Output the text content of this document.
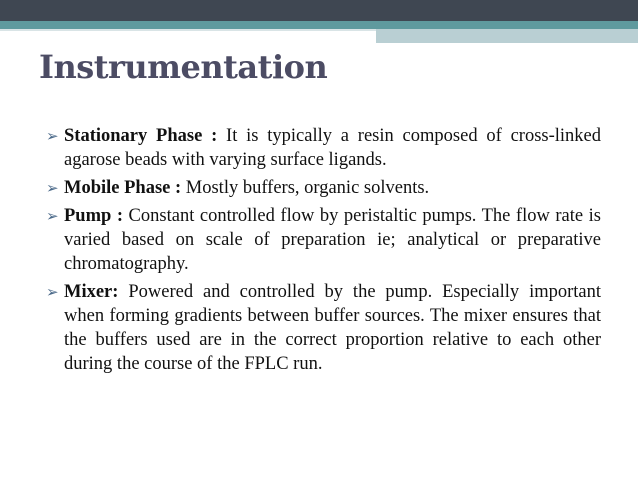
Instrumentation
➢ Stationary Phase : It is typically a resin composed of cross-linked agarose beads with varying surface ligands.
➢ Mobile Phase : Mostly buffers, organic solvents.
➢ Pump : Constant controlled flow by peristaltic pumps. The flow rate is varied based on scale of preparation ie; analytical or preparative chromatography.
➢ Mixer: Powered and controlled by the pump. Especially important when forming gradients between buffer sources. The mixer ensures that the buffers used are in the correct proportion relative to each other during the course of the FPLC run.
